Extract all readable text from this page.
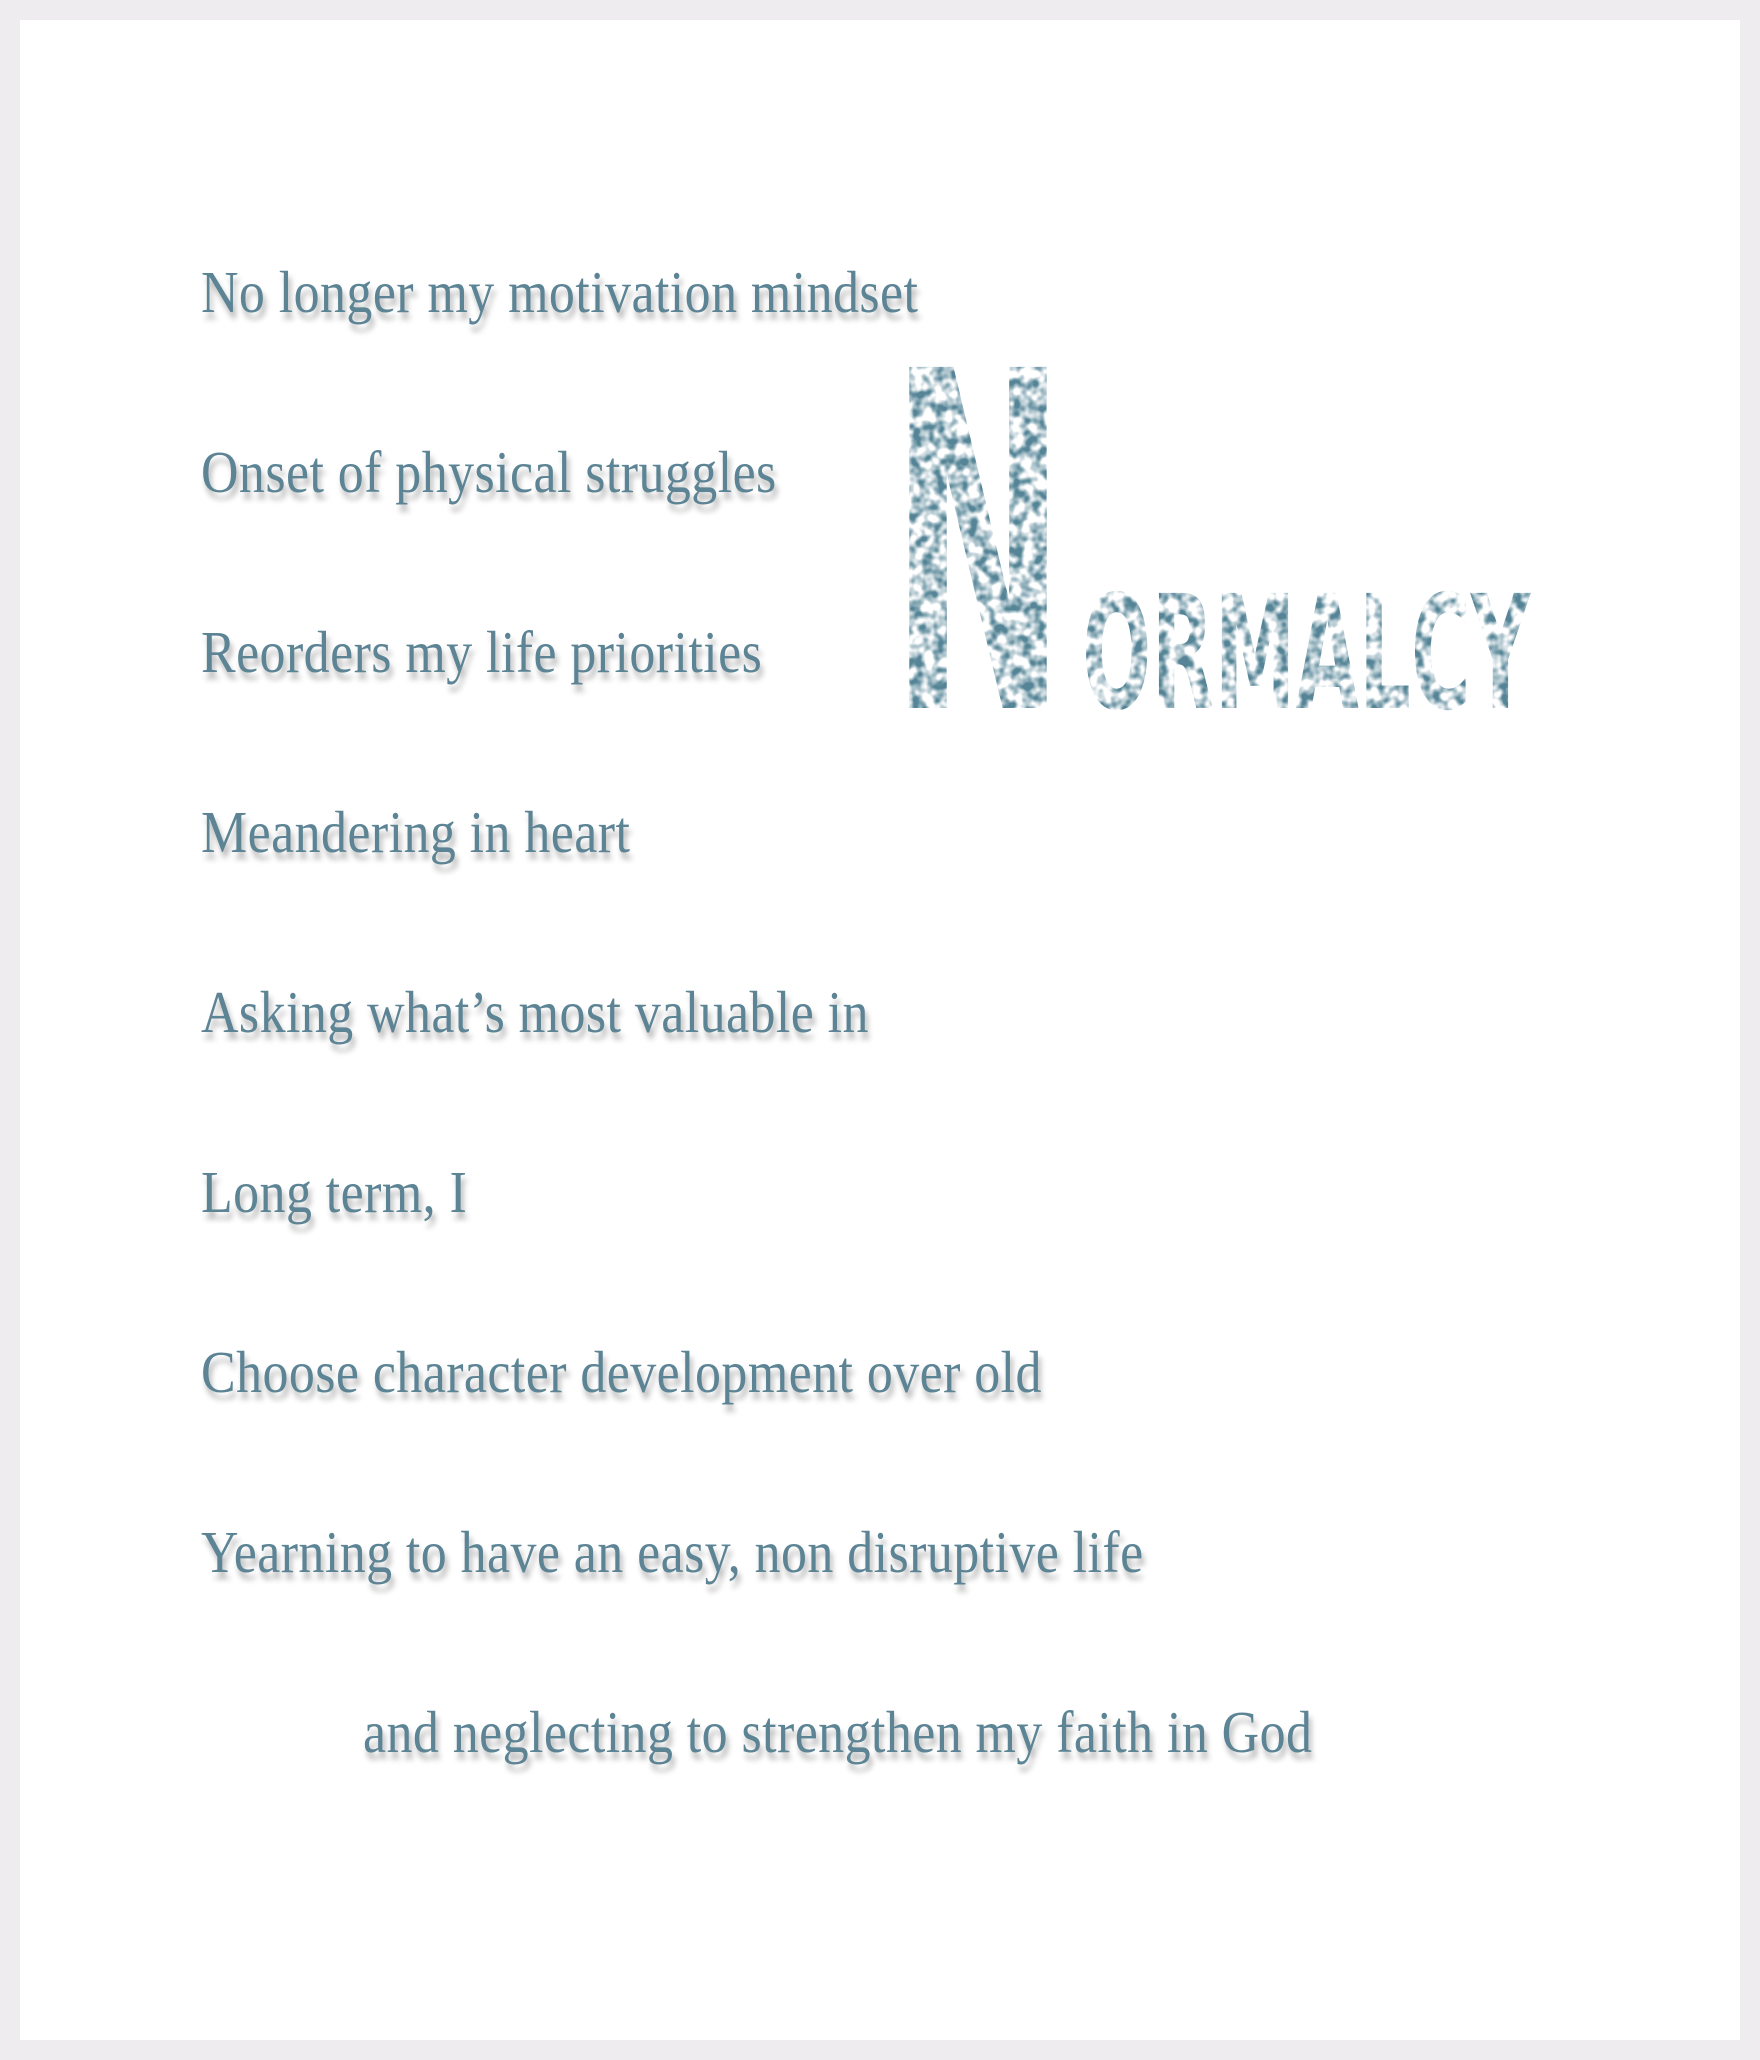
N ORMALCY

No longer my motivation mindset

Onset of physical struggles

Reorders my life priorities

Meandering in heart

Asking what’s most valuable in

Long term, I

Choose character development over old

Yearning to have an easy, non disruptive life

and neglecting to strengthen my faith in God
